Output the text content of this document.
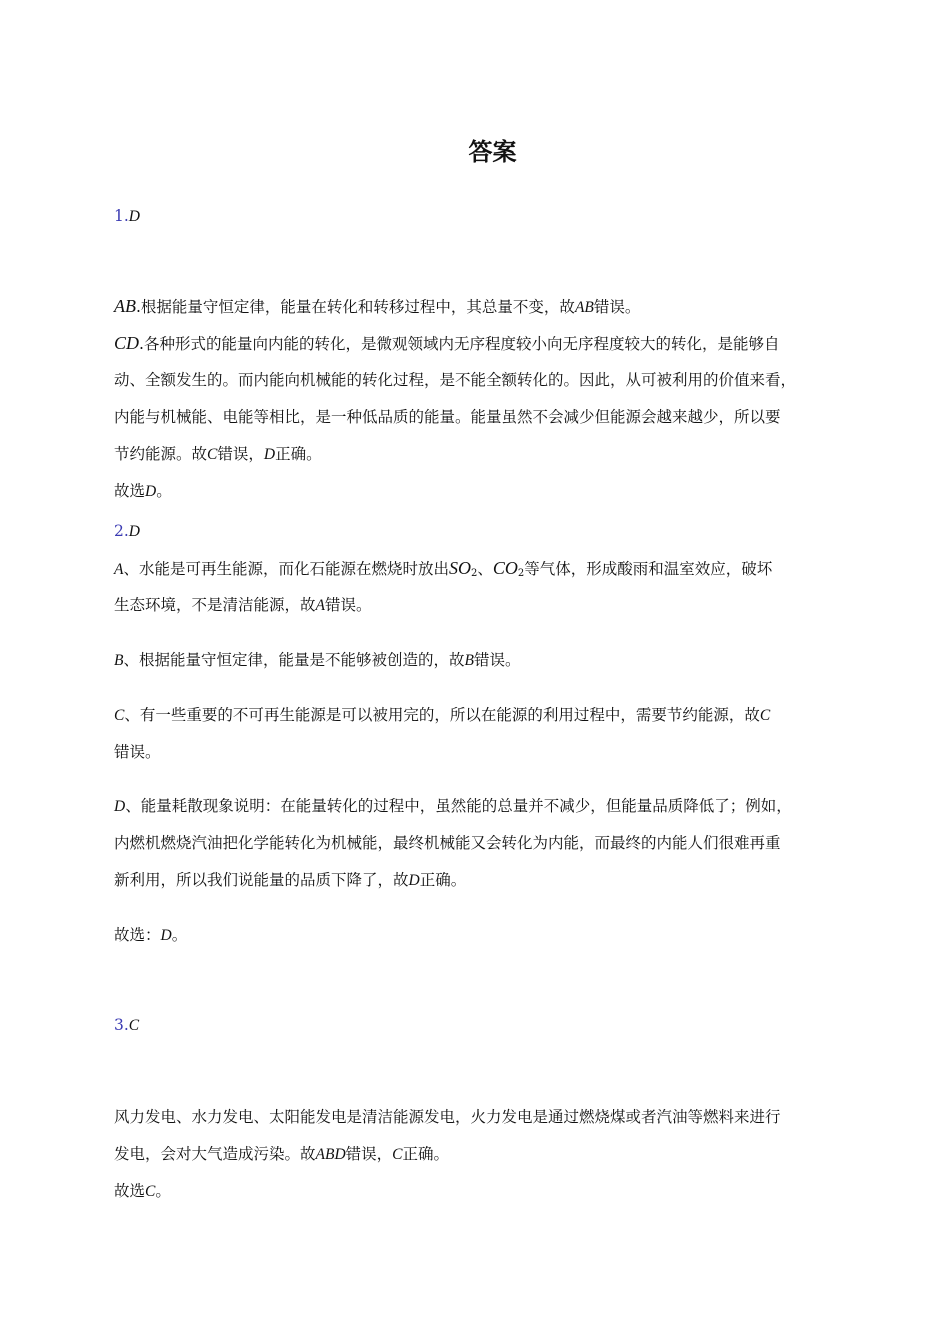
答案
1.D
AB.根据能量守恒定律，能量在转化和转移过程中，其总量不变，故AB错误。
CD.各种形式的能量向内能的转化，是微观领域内无序程度较小向无序程度较大的转化，是能够自
动、全额发生的。而内能向机械能的转化过程，是不能全额转化的。因此，从可被利用的价值来看，
内能与机械能、电能等相比，是一种低品质的能量。能量虽然不会减少但能源会越来越少，所以要
节约能源。故C错误，D正确。
故选D。
2.D
A、水能是可再生能源，而化石能源在燃烧时放出$SO_2$、$CO_2$等气体，形成酸雨和温室效应，破坏
生态环境，不是清洁能源，故A错误。
B、根据能量守恒定律，能量是不能够被创造的，故B错误。
C、有一些重要的不可再生能源是可以被用完的，所以在能源的利用过程中，需要节约能源，故C
错误。
D、能量耗散现象说明：在能量转化的过程中，虽然能的总量并不减少，但能量品质降低了；例如，
内燃机燃烧汽油把化学能转化为机械能，最终机械能又会转化为内能，而最终的内能人们很难再重
新利用，所以我们说能量的品质下降了，故D正确。
故选：D。
3.C
风力发电、水力发电、太阳能发电是清洁能源发电，火力发电是通过燃烧煤或者汽油等燃料来进行
发电，会对大气造成污染。故ABD错误，C正确。
故选C。
